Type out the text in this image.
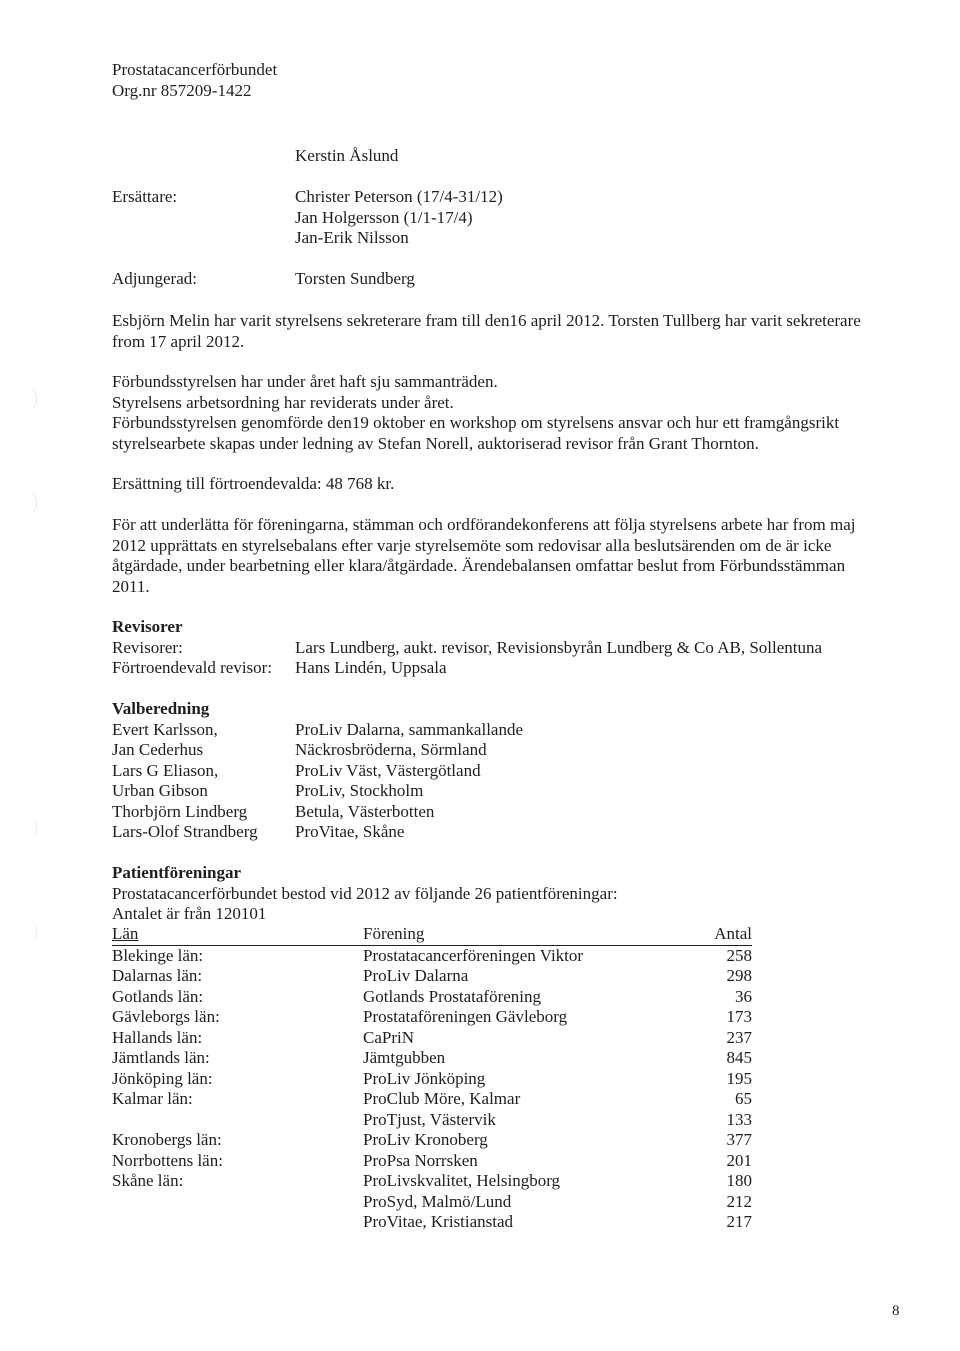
Prostatacancerförbundet
Org.nr 857209-1422
Kerstin Åslund
Ersättare:	Christer Peterson (17/4-31/12)
Jan Holgersson (1/1-17/4)
Jan-Erik Nilsson
Adjungerad:	Torsten Sundberg
Esbjörn Melin har varit styrelsens sekreterare fram till den16 april 2012. Torsten Tullberg har varit sekreterare
from 17 april 2012.
Förbundsstyrelsen har under året haft sju sammanträden.
Styrelsens arbetsordning har reviderats under året.
Förbundsstyrelsen genomförde den19 oktober en workshop om styrelsens ansvar och hur ett framgångsrikt
styrelsearbete skapas under ledning av Stefan Norell, auktoriserad revisor från Grant Thornton.
Ersättning till förtroendevalda: 48 768 kr.
För att underlätta för föreningarna, stämman och ordförandekonferens att följa styrelsens arbete har from maj
2012 upprättats en styrelsebalans efter varje styrelsemöte som redovisar alla beslutsärenden om de är icke
åtgärdade, under bearbetning eller klara/åtgärdade. Ärendebalansen omfattar beslut from Förbundsstämman
2011.
Revisorer
Revisorer:	Lars Lundberg, aukt. revisor, Revisionsbyrån Lundberg & Co AB, Sollentuna
Förtroendevald revisor:	Hans Lindén, Uppsala
Valberedning
Evert Karlsson,	ProLiv Dalarna, sammankallande
Jan Cederhus	Näckrosbröderna, Sörmland
Lars G Eliason,	ProLiv Väst, Västergötland
Urban Gibson	ProLiv, Stockholm
Thorbjörn Lindberg	Betula, Västerbotten
Lars-Olof Strandberg	ProVitae, Skåne
Patientföreningar
Prostatacancerförbundet bestod vid 2012 av följande 26 patientföreningar:
Antalet är från 120101
Län	Förening	Antal
Blekinge län:	Prostatacancerföreningen Viktor	258
Dalarnas län:	ProLiv Dalarna	298
Gotlands län:	Gotlands Prostataförening	36
Gävleborgs län:	Prostataföreningen Gävleborg	173
Hallands län:	CaPriN	237
Jämtlands län:	Jämtgubben	845
Jönköping län:	ProLiv Jönköping	195
Kalmar län:	ProClub Möre, Kalmar	65
ProTjust, Västervik	133
Kronobergs län:	ProLiv Kronoberg	377
Norrbottens län:	ProPsa Norrsken	201
Skåne län:	ProLivskvalitet, Helsingborg	180
ProSyd, Malmö/Lund	212
ProVitae, Kristianstad	217
8
